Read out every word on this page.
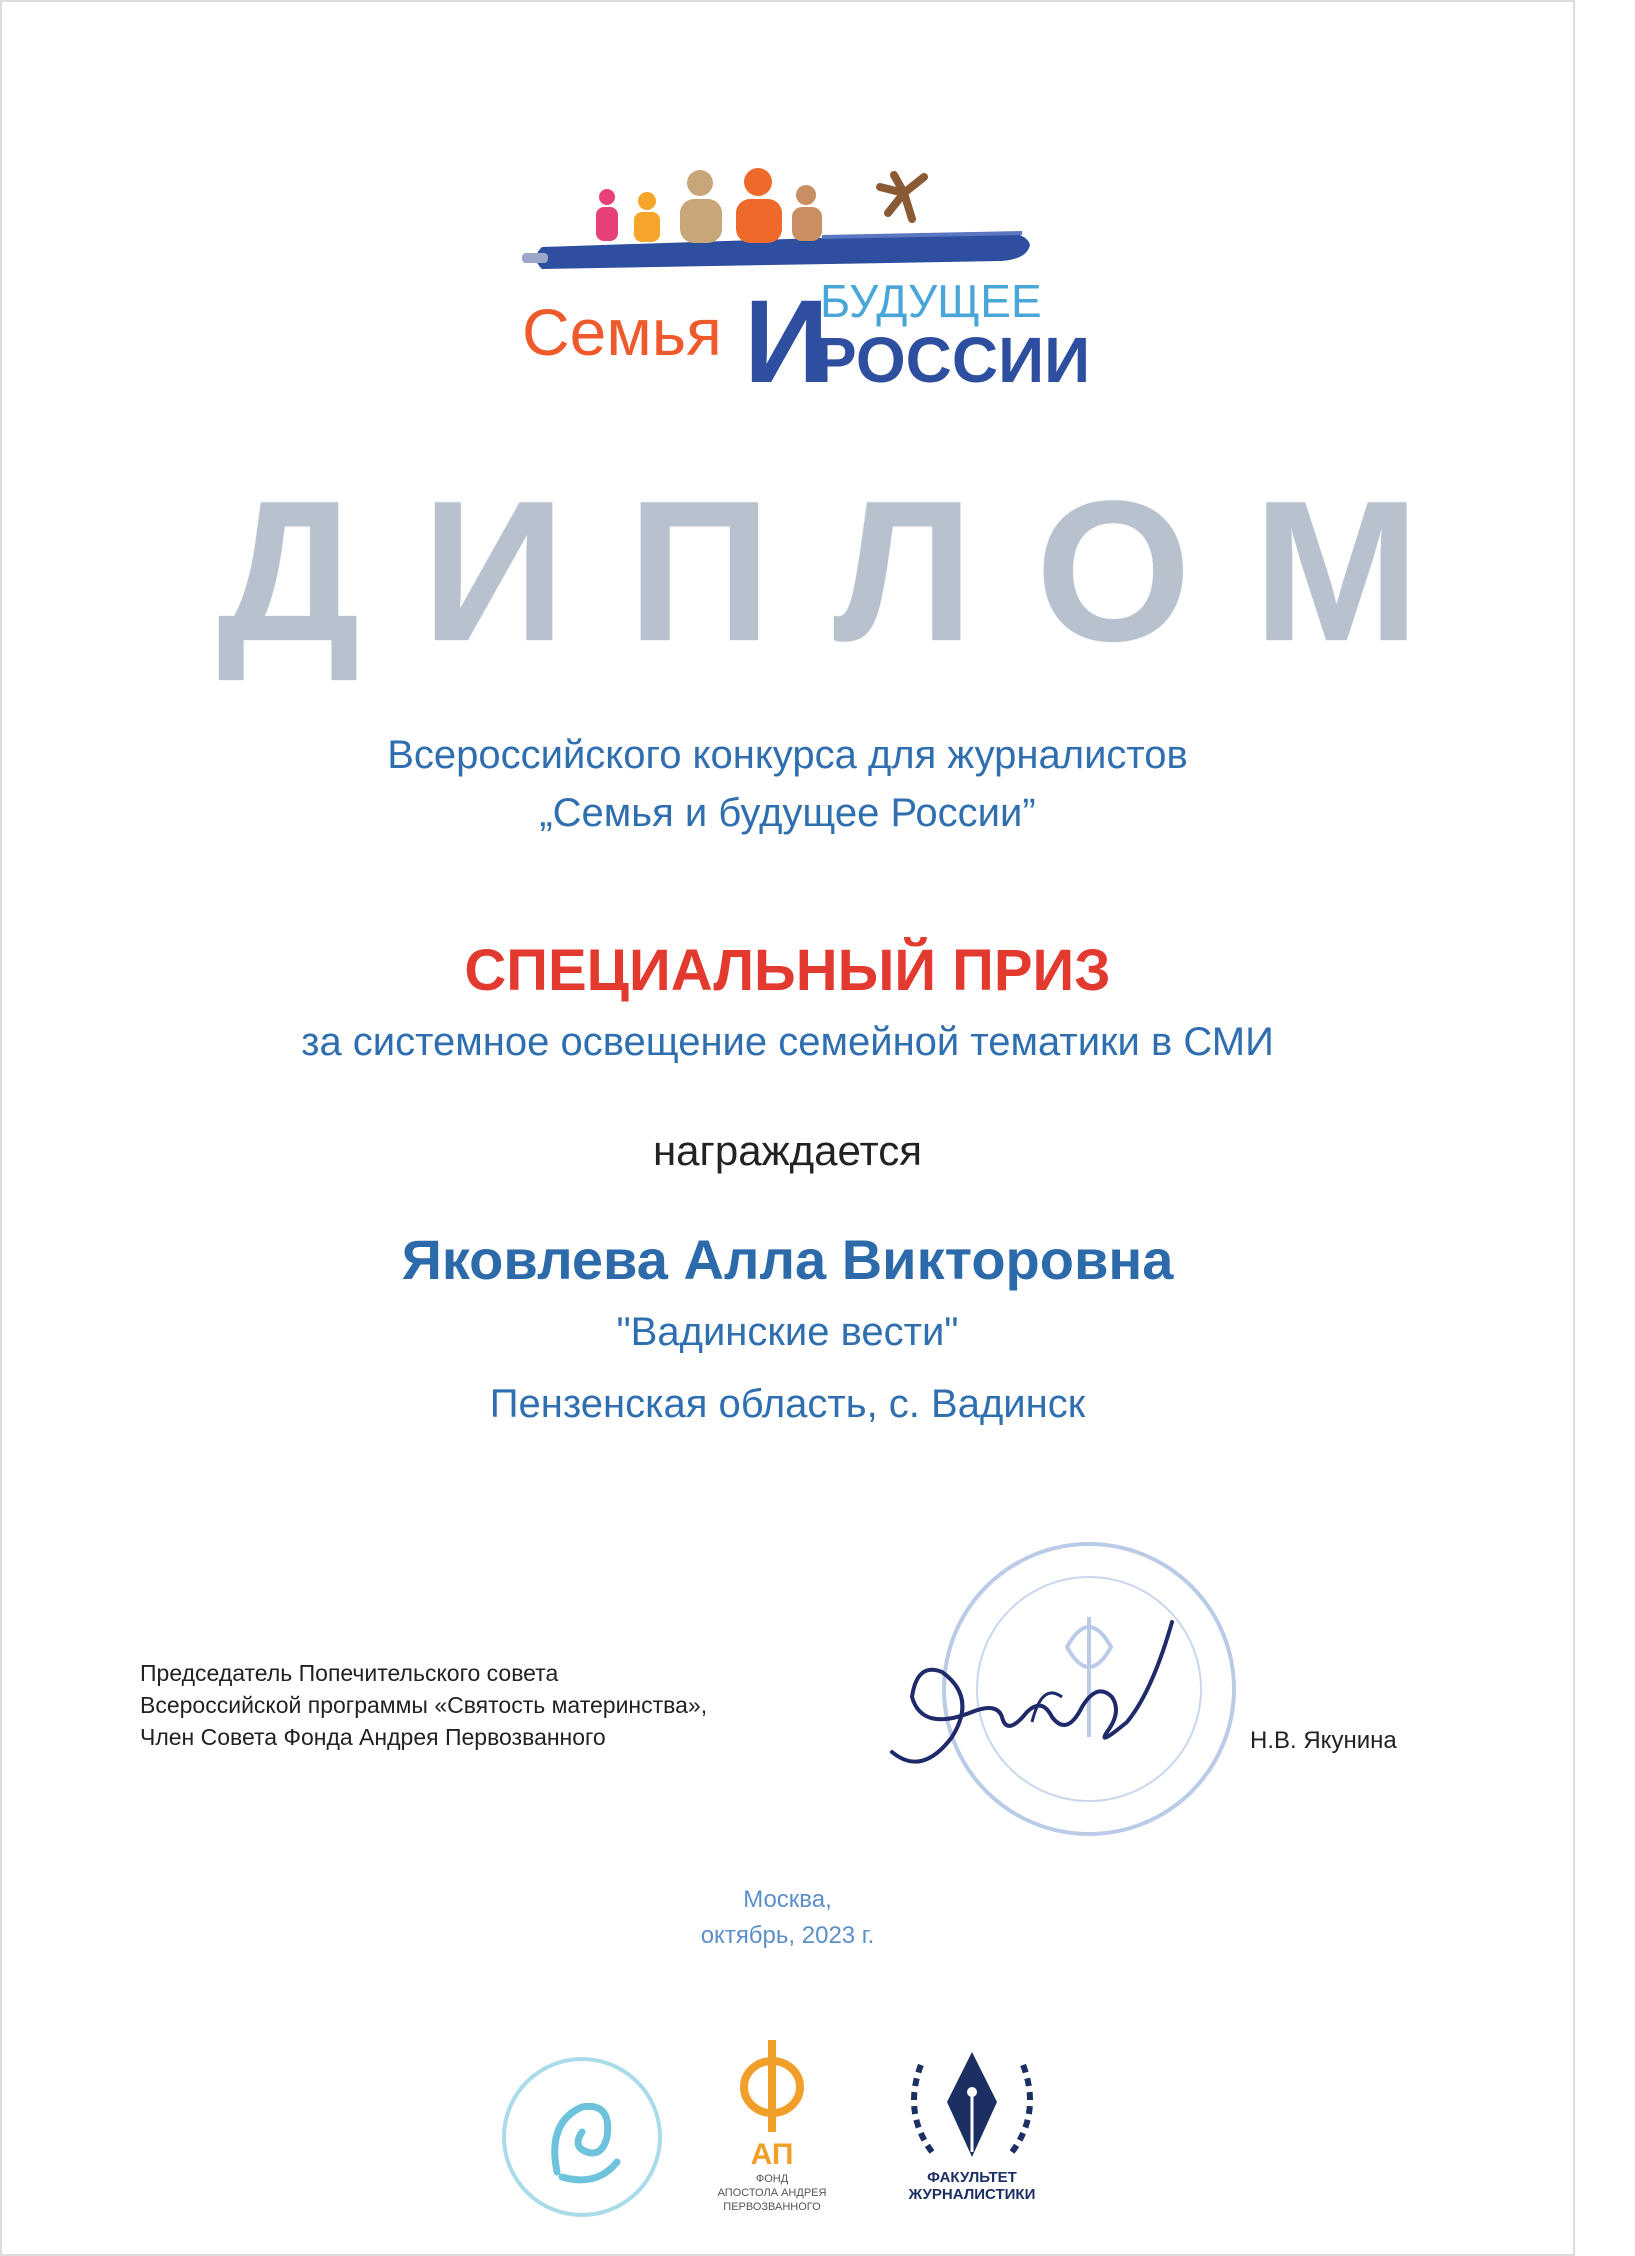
Семья И
БУДУЩЕЕ
РОССИИ
ДИПЛОМ
Всероссийского конкурса для журналистов
„Семья и будущее России”
СПЕЦИАЛЬНЫЙ ПРИЗ
за системное освещение семейной тематики в СМИ
награждается
Яковлева Алла Викторовна
"Вадинские вести"
Пензенская область, с. Вадинск
Председатель Попечительского совета
Всероссийской программы «Святость материнства»,
Член Совета Фонда Андрея Первозванного	Н.В. Якунина
Москва,
октябрь, 2023 г.
АП
ФОНД
АПОСТОЛА АНДРЕЯ
ПЕРВОЗВАННОГО
ФАКУЛЬТЕТ
ЖУРНАЛИСТИКИ
